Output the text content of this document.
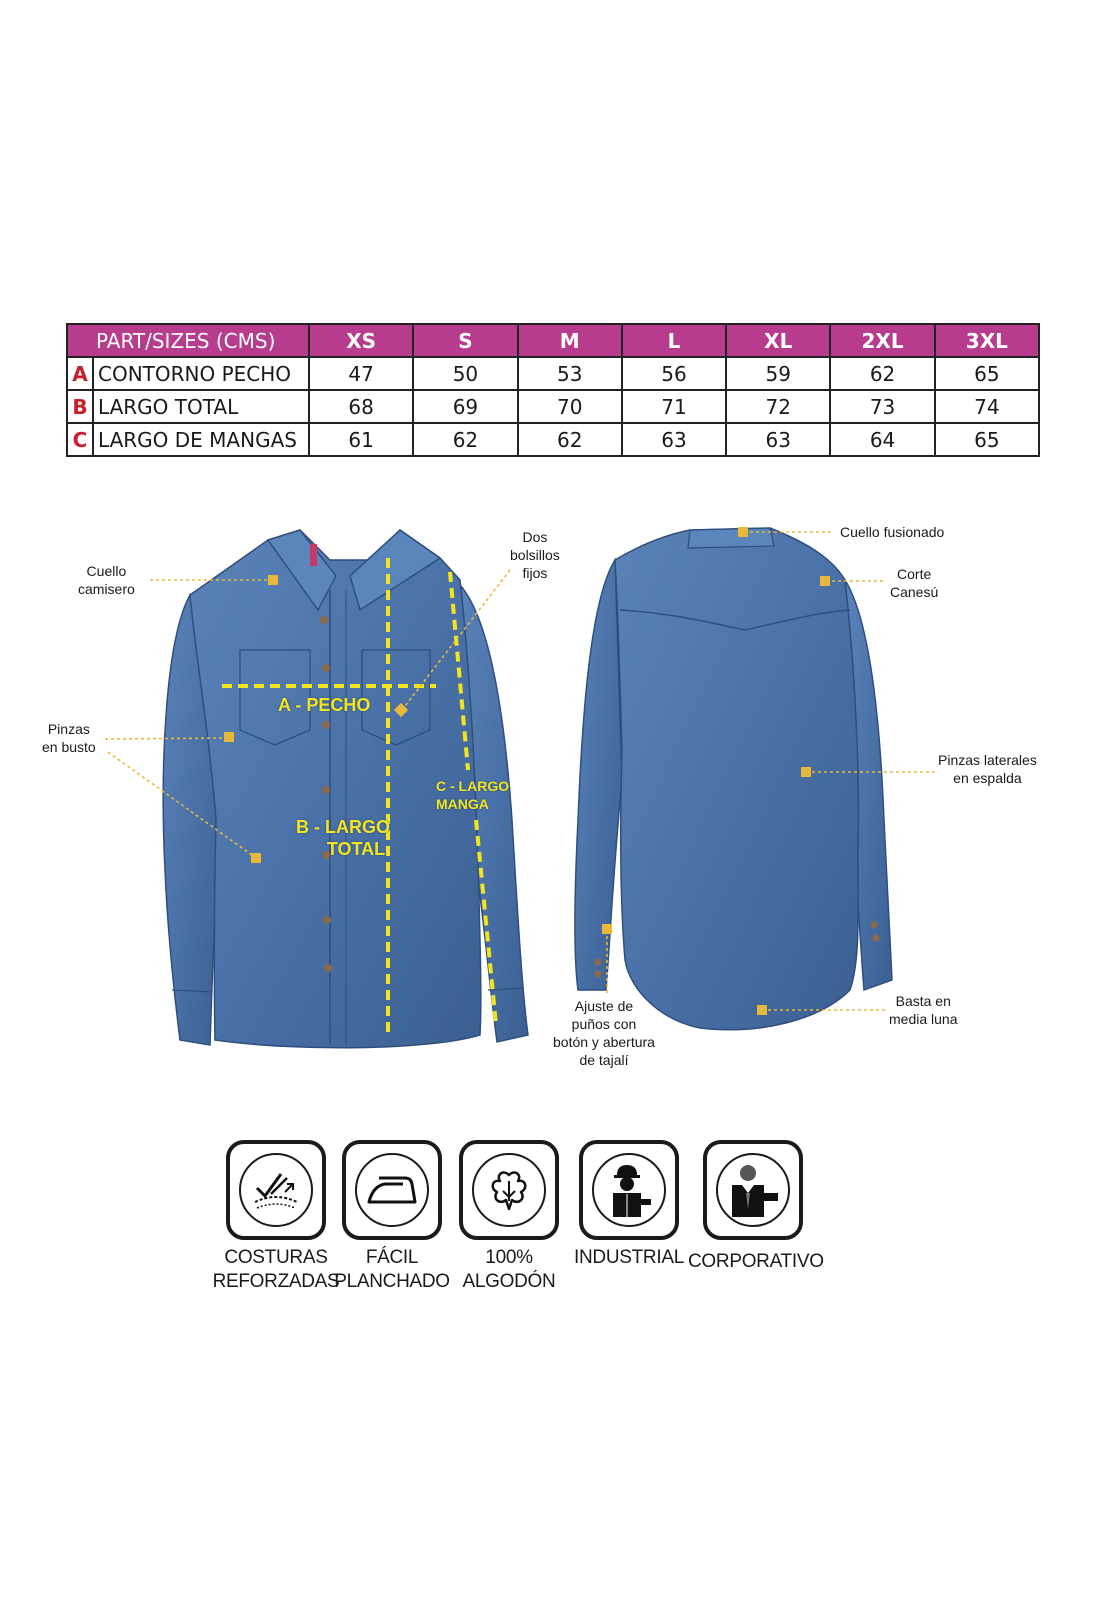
PART/SIZES (CMS)		XS	S	M	L	XL	2XL	3XL
A	CONTORNO PECHO	47	50	53	56	59	62	65
B	LARGO TOTAL	68	69	70	71	72	73	74
C	LARGO DE MANGAS	61	62	62	63	63	64	65
Cuello
camisero
Dos
bolsillos
fijos
Pinzas
en busto
A - PECHO
B - LARGO
TOTAL
C - LARGO
MANGA
Cuello fusionado
Corte
Canesú
Pinzas laterales
en espalda
Ajuste de
puños con
botón y abertura
de tajalí
Basta en
media luna
COSTURAS
REFORZADAS
FÁCIL
PLANCHADO
100%
ALGODÓN
INDUSTRIAL CORPORATIVO
